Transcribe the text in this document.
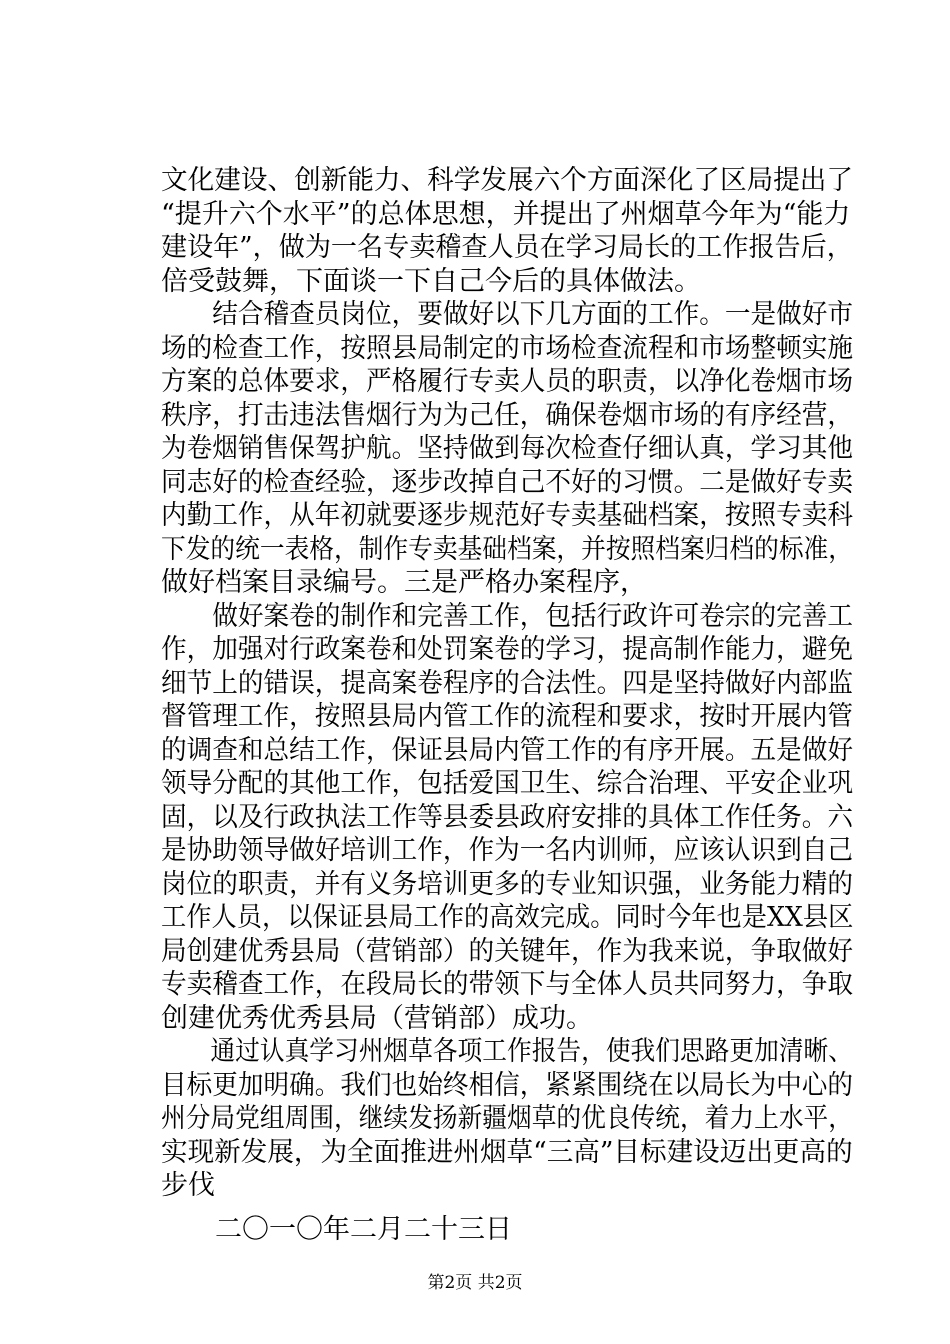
文化建设、创新能力、科学发展六个方面深化了区局提出了
“提升六个水平”的总体思想，并提出了州烟草今年为“能力
建设年”，做为一名专卖稽查人员在学习局长的工作报告后，
倍受鼓舞，下面谈一下自己今后的具体做法。
　　结合稽查员岗位，要做好以下几方面的工作。一是做好市
场的检查工作，按照县局制定的市场检查流程和市场整顿实施
方案的总体要求，严格履行专卖人员的职责，以净化卷烟市场
秩序，打击违法售烟行为为己任，确保卷烟市场的有序经营，
为卷烟销售保驾护航。坚持做到每次检查仔细认真，学习其他
同志好的检查经验，逐步改掉自己不好的习惯。二是做好专卖
内勤工作，从年初就要逐步规范好专卖基础档案，按照专卖科
下发的统一表格，制作专卖基础档案，并按照档案归档的标准，
做好档案目录编号。三是严格办案程序，
　　做好案卷的制作和完善工作，包括行政许可卷宗的完善工
作，加强对行政案卷和处罚案卷的学习，提高制作能力，避免
细节上的错误，提高案卷程序的合法性。四是坚持做好内部监
督管理工作，按照县局内管工作的流程和要求，按时开展内管
的调查和总结工作，保证县局内管工作的有序开展。五是做好
领导分配的其他工作，包括爱国卫生、综合治理、平安企业巩
固，以及行政执法工作等县委县政府安排的具体工作任务。六
是协助领导做好培训工作，作为一名内训师，应该认识到自己
岗位的职责，并有义务培训更多的专业知识强，业务能力精的
工作人员，以保证县局工作的高效完成。同时今年也是XX县区
局创建优秀县局（营销部）的关键年，作为我来说，争取做好
专卖稽查工作，在段局长的带领下与全体人员共同努力，争取
创建优秀优秀县局（营销部）成功。
　　通过认真学习州烟草各项工作报告，使我们思路更加清晰、
目标更加明确。我们也始终相信，紧紧围绕在以局长为中心的
州分局党组周围，继续发扬新疆烟草的优良传统，着力上水平，
实现新发展，为全面推进州烟草“三高”目标建设迈出更高的
步伐
　　二〇一〇年二月二十三日
第2页 共2页
